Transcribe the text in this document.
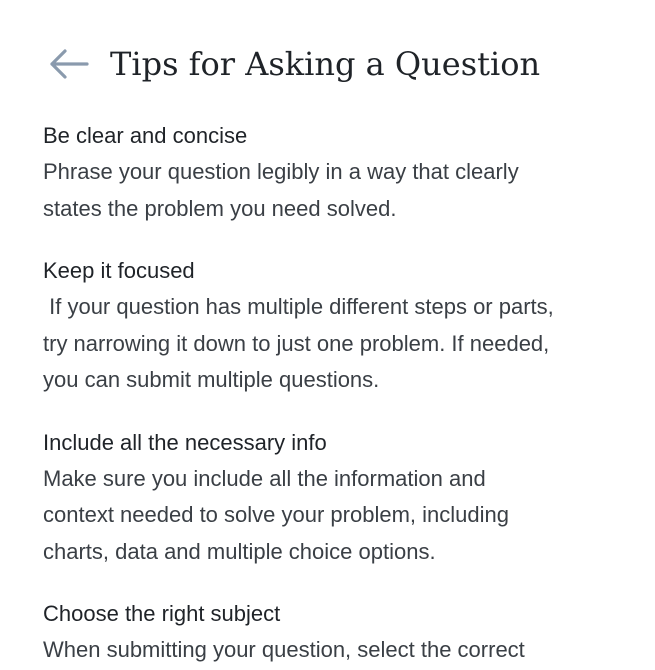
Tips for Asking a Question
Be clear and concise

Phrase your question legibly in a way that clearly
states the problem you need solved.

Keep it focused

If your question has multiple different steps or parts,
try narrowing it down to just one problem. If needed,
you can submit multiple questions.

Include all the necessary info

Make sure you include all the information and
context needed to solve your problem, including
charts, data and multiple choice options.

Choose the right subject

When submitting your question, select the correct
